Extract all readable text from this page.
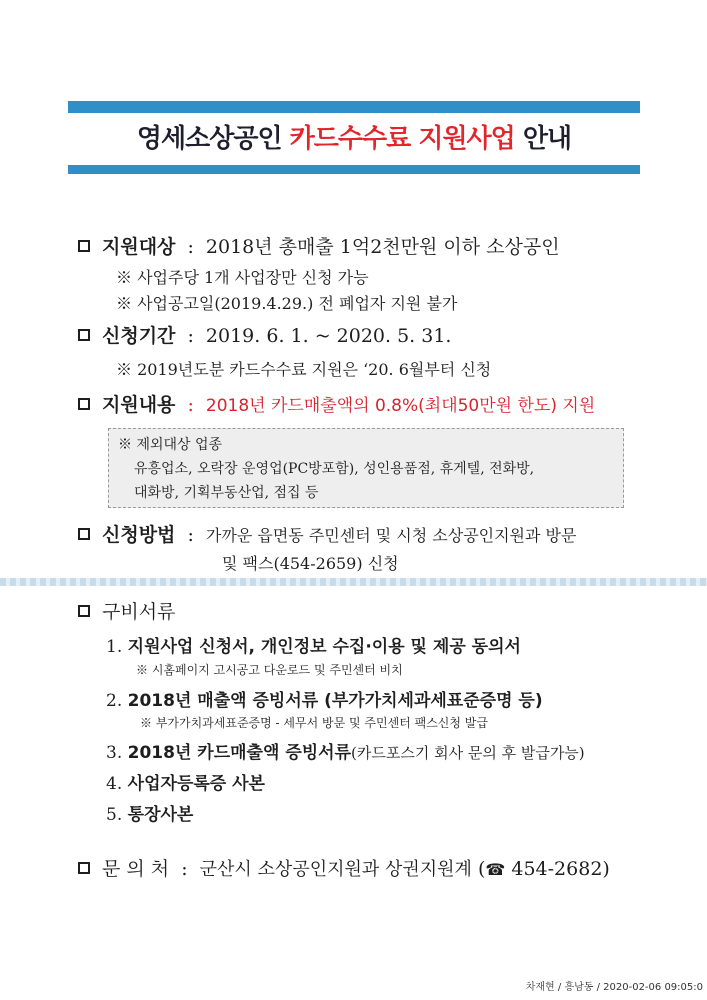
영세소상공인 카드수수료 지원사업 안내
지원대상 : 2018년 총매출 1억2천만원 이하 소상공인
※ 사업주당 1개 사업장만 신청 가능
※ 사업공고일(2019.4.29.) 전 폐업자 지원 불가
신청기간 : 2019. 6. 1. ~ 2020. 5. 31.
※ 2019년도분 카드수수료 지원은 ‘20. 6월부터 신청
지원내용 : 2018년 카드매출액의 0.8%(최대50만원 한도) 지원
※ 제외대상 업종
유흥업소, 오락장 운영업(PC방포함), 성인용품점, 휴게텔, 전화방,
대화방, 기획부동산업, 점집 등
신청방법 : 가까운 읍면동 주민센터 및 시청 소상공인지원과 방문
및 팩스(454-2659) 신청
구비서류
1. 지원사업 신청서, 개인정보 수집·이용 및 제공 동의서
※ 시홈페이지 고시공고 다운로드 및 주민센터 비치
2. 2018년 매출액 증빙서류 (부가가치세과세표준증명 등)
※ 부가가치과세표준증명 - 세무서 방문 및 주민센터 팩스신청 발급
3. 2018년 카드매출액 증빙서류(카드포스기 회사 문의 후 발급가능)
4. 사업자등록증 사본
5. 통장사본
문 의 처 : 군산시 소상공인지원과 상권지원계 (☎ 454-2682)
차재현 / 흥남동 / 2020-02-06 09:05:0
